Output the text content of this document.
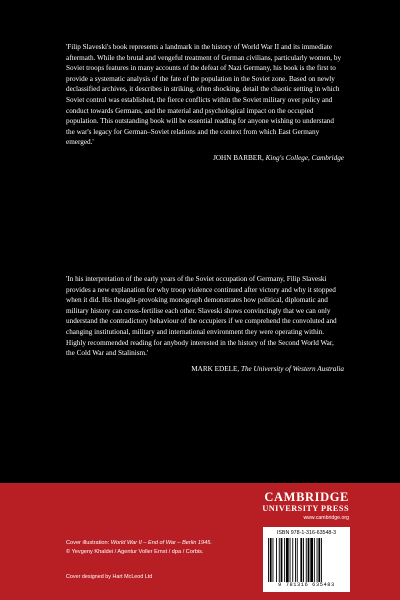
'Filip Slaveski's book represents a landmark in the history of World War II and its immediate aftermath. While the brutal and vengeful treatment of German civilians, particularly women, by Soviet troops features in many accounts of the defeat of Nazi Germany, his book is the first to provide a systematic analysis of the fate of the population in the Soviet zone. Based on newly declassified archives, it describes in striking, often shocking, detail the chaotic setting in which Soviet control was established, the fierce conflicts within the Soviet military over policy and conduct towards Germans, and the material and psychological impact on the occupied population. This outstanding book will be essential reading for anyone wishing to understand the war's legacy for German–Soviet relations and the context from which East Germany emerged.'

JOHN BARBER, King's College, Cambridge

'In his interpretation of the early years of the Soviet occupation of Germany, Filip Slaveski provides a new explanation for why troop violence continued after victory and why it stopped when it did. His thought-provoking monograph demonstrates how political, diplomatic and military history can cross-fertilise each other. Slaveski shows convincingly that we can only understand the contradictory behaviour of the occupiers if we comprehend the convoluted and changing institutional, military and international environment they were operating within. Highly recommended reading for anybody interested in the history of the Second World War, the Cold War and Stalinism.'

MARK EDELE, The University of Western Australia
CAMBRIDGE
UNIVERSITY PRESS
www.cambridge.org
Cover illustration: World War II – End of War – Berlin 1945.
© Yevgeny Khaldei / Agentur Voller Ernst / dpa / Corbis.
Cover designed by Hart McLeod Ltd
ISBN 978-1-316-63548-3
9 781316 635483
